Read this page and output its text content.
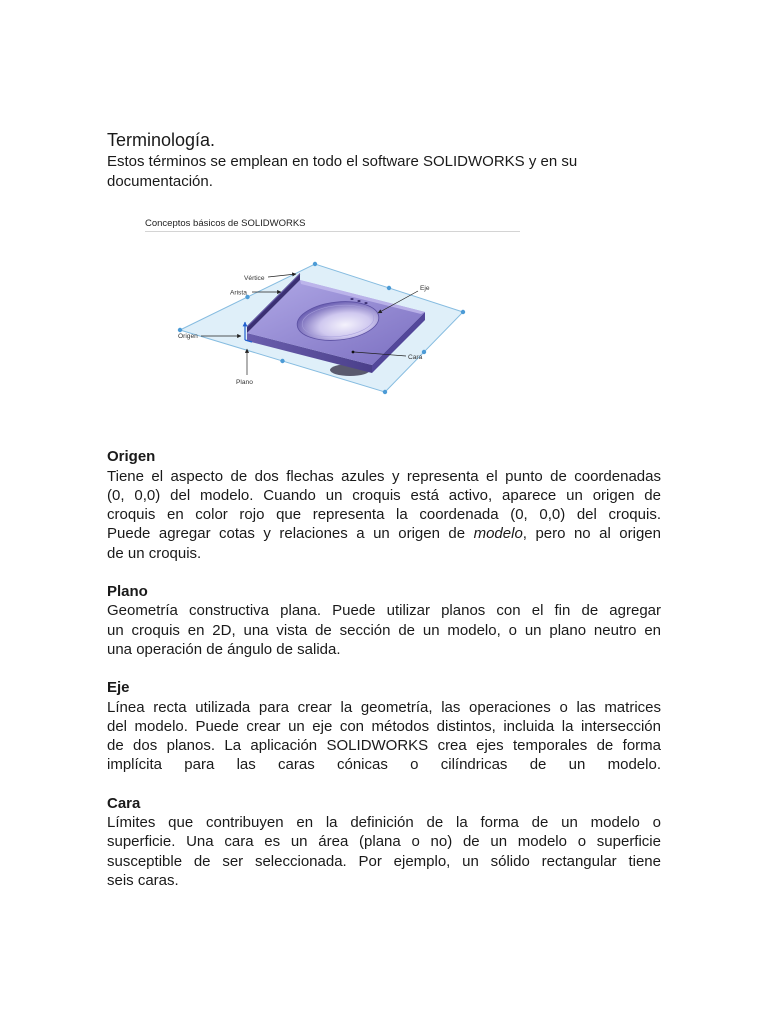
Terminología.
Estos términos se emplean en todo el software SOLIDWORKS y en su
documentación.
Conceptos básicos de SOLIDWORKS
Vértice
Arista
Eje
Origen
Cara
Plano
Origen
Tiene el aspecto de dos flechas azules y representa el punto de coordenadas
(0, 0,0) del modelo. Cuando un croquis está activo, aparece un origen de
croquis en color rojo que representa la coordenada (0, 0,0) del croquis.
Puede agregar cotas y relaciones a un origen de modelo, pero no al origen
de un croquis.
Plano
Geometría constructiva plana. Puede utilizar planos con el fin de agregar
un croquis en 2D, una vista de sección de un modelo, o un plano neutro en
una operación de ángulo de salida.
Eje
Línea recta utilizada para crear la geometría, las operaciones o las matrices
del modelo. Puede crear un eje con métodos distintos, incluida la intersección
de dos planos. La aplicación SOLIDWORKS crea ejes temporales de forma
implícita para las caras cónicas o cilíndricas de un modelo.
Cara
Límites que contribuyen en la definición de la forma de un modelo o
superficie. Una cara es un área (plana o no) de un modelo o superficie
susceptible de ser seleccionada. Por ejemplo, un sólido rectangular tiene
seis caras.
